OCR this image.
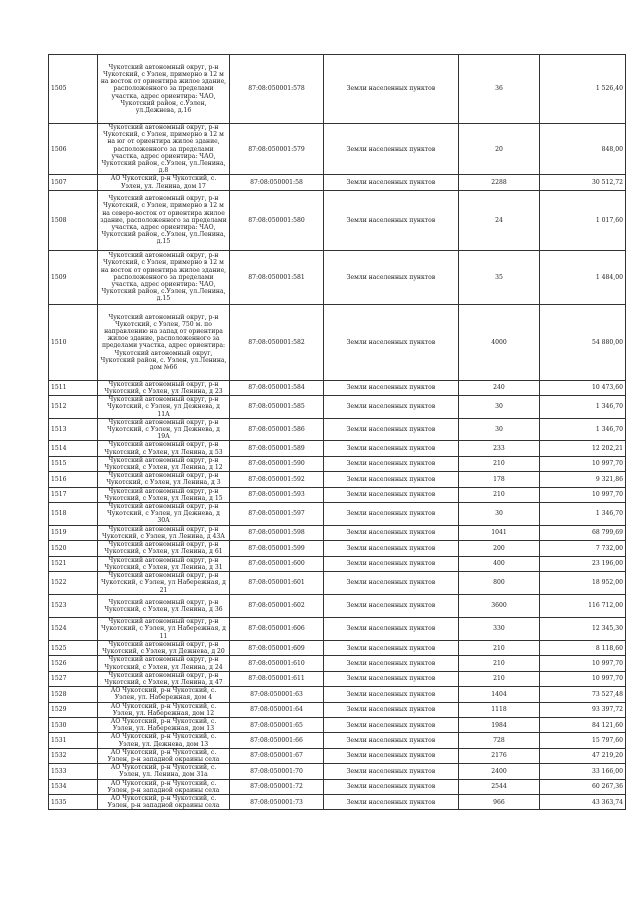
1505	Чукотский автономный округ, р-н Чукотский, с Уэлен, примерно в 12 м на восток от ориентира жилое здание, расположенного за пределами участка, адрес ориентира: ЧАО, Чукотский район, с.Уэлен, ул.Дежнева, д.16	87:08:050001:578	Земли населенных пунктов	36	1 526,40
1506	Чукотский автономный округ, р-н Чукотский, с Уэлен, примерно в 12 м на юг от ориентира жилое здание, расположенного за пределами участка, адрес ориентира: ЧАО, Чукотский район, с.Уэлен, ул.Ленина, д.8	87:08:050001:579	Земли населенных пунктов	20	848,00
1507	АО Чукотский, р-н Чукотский, с. Уэлен, ул. Ленина, дом 17	87:08:050001:58	Земли населенных пунктов	2288	30 512,72
1508	Чукотский автономный округ, р-н Чукотский, с Уэлен, примерно в 12 м на северо-восток от ориентира жилое здание, расположенного за пределами участка, адрес ориентира: ЧАО, Чукотский район, с.Уэлен, ул.Ленина, д.15	87:08:050001:580	Земли населенных пунктов	24	1 017,60
1509	Чукотский автономный округ, р-н Чукотский, с Уэлен, примерно в 12 м на восток от ориентира жилое здание, расположенного за пределами участка, адрес ориентира: ЧАО, Чукотский район, с.Уэлен, ул.Ленина, д.15	87:08:050001:581	Земли населенных пунктов	35	1 484,00
1510	Чукотский автономный округ, р-н Чукотский, с Уэлен, 750 м. по направлению на запад от ориентира жилое здание, расположенного за пределами участка, адрес ориентира: Чукотский автономный округ, Чукотский район, с. Уэлен, ул.Ленина, дом №66	87:08:050001:582	Земли населенных пунктов	4000	54 880,00
1511	Чукотский автономный округ, р-н Чукотский, с Уэлен, ул Ленина, д 23	87:08:050001:584	Земли населенных пунктов	240	10 473,60
1512	Чукотский автономный округ, р-н Чукотский, с Уэлен, ул Дежнева, д 11А	87:08:050001:585	Земли населенных пунктов	30	1 346,70
1513	Чукотский автономный округ, р-н Чукотский, с Уэлен, ул Дежнева, д 19А	87:08:050001:586	Земли населенных пунктов	30	1 346,70
1514	Чукотский автономный округ, р-н Чукотский, с Уэлен, ул Ленина, д 53	87:08:050001:589	Земли населенных пунктов	233	12 202,21
1515	Чукотский автономный округ, р-н Чукотский, с Уэлен, ул Ленина, д 12	87:08:050001:590	Земли населенных пунктов	210	10 997,70
1516	Чукотский автономный округ, р-н Чукотский, с Уэлен, ул Ленина, д 3	87:08:050001:592	Земли населенных пунктов	178	9 321,86
1517	Чукотский автономный округ, р-н Чукотский, с Уэлен, ул Ленина, д 15	87:08:050001:593	Земли населенных пунктов	210	10 997,70
1518	Чукотский автономный округ, р-н Чукотский, с Уэлен, ул Дежнева, д 30А	87:08:050001:597	Земли населенных пунктов	30	1 346,70
1519	Чукотский автономный округ, р-н Чукотский, с Уэлен, ул Ленина, д 43А	87:08:050001:598	Земли населенных пунктов	1041	68 799,69
1520	Чукотский автономный округ, р-н Чукотский, с Уэлен, ул Ленина, д 61	87:08:050001:599	Земли населенных пунктов	200	7 732,00
1521	Чукотский автономный округ, р-н Чукотский, с Уэлен, ул Ленина, д 31	87:08:050001:600	Земли населенных пунктов	400	23 196,00
1522	Чукотский автономный округ, р-н Чукотский, с Уэлен, ул Набережная, д 21	87:08:050001:601	Земли населенных пунктов	800	18 952,00
1523	Чукотский автономный округ, р-н Чукотский, с Уэлен, ул Ленина, д 36	87:08:050001:602	Земли населенных пунктов	3600	116 712,00
1524	Чукотский автономный округ, р-н Чукотский, с Уэлен, ул Набережная, д 11	87:08:050001:606	Земли населенных пунктов	330	12 345,30
1525	Чукотский автономный округ, р-н Чукотский, с Уэлен, ул Дежнева, д 20	87:08:050001:609	Земли населенных пунктов	210	8 118,60
1526	Чукотский автономный округ, р-н Чукотский, с Уэлен, ул Ленина, д 24	87:08:050001:610	Земли населенных пунктов	210	10 997,70
1527	Чукотский автономный округ, р-н Чукотский, с Уэлен, ул Ленина, д 47	87:08:050001:611	Земли населенных пунктов	210	10 997,70
1528	АО Чукотский, р-н Чукотский, с. Уэлен, ул. Набережная, дом 4	87:08:050001:63	Земли населенных пунктов	1404	73 527,48
1529	АО Чукотский, р-н Чукотский, с. Уэлен, ул. Набережная, дом 12	87:08:050001:64	Земли населенных пунктов	1118	93 397,72
1530	АО Чукотский, р-н Чукотский, с. Уэлен, ул. Набережная, дом 13	87:08:050001:65	Земли населенных пунктов	1984	84 121,60
1531	АО Чукотский, р-н Чукотский, с. Уэлен, ул. Дежнева, дом 13	87:08:050001:66	Земли населенных пунктов	728	15 797,60
1532	АО Чукотский, р-н Чукотский, с. Уэлен, р-н западной окраины села	87:08:050001:67	Земли населенных пунктов	2176	47 219,20
1533	АО Чукотский, р-н Чукотский, с. Уэлен, ул. Ленина, дом 31а	87:08:050001:70	Земли населенных пунктов	2400	33 166,00
1534	АО Чукотский, р-н Чукотский, с. Уэлен, р-н западной окраины села	87:08:050001:72	Земли населенных пунктов	2544	60 267,36
1535	АО Чукотский, р-н Чукотский, с. Уэлен, р-н западной окраины села	87:08:050001:73	Земли населенных пунктов	966	43 363,74
